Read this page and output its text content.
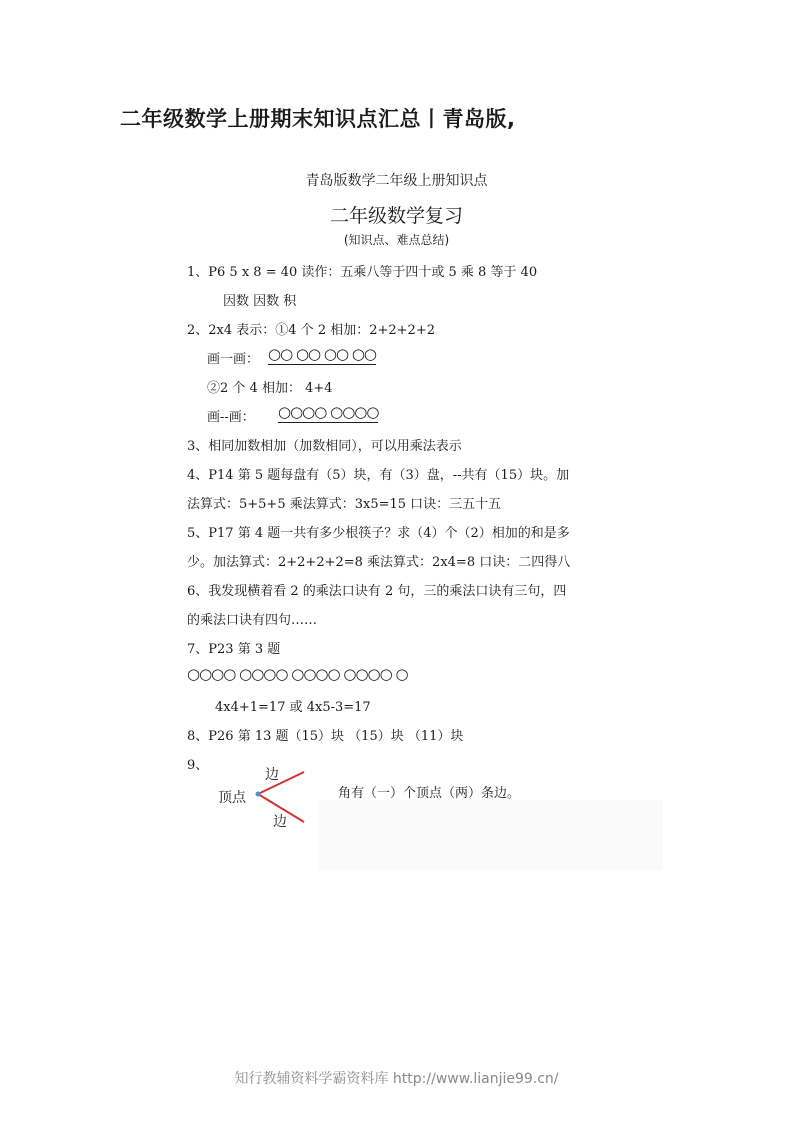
二年级数学上册期末知识点汇总丨青岛版,
青岛版数学二年级上册知识点
二年级数学复习
(知识点、难点总结)
1、P6 5 x 8 = 40 读作：五乘八等于四十或 5 乘 8 等于 40
因数 因数 积
2、2x4 表示：①4 个 2 相加：2+2+2+2
画一画： ○○ ○○ ○○ ○○
②2 个 4 相加： 4+4
画--画： ○○○○ ○○○○
3、相同加数相加（加数相同），可以用乘法表示
4、P14 第 5 题每盘有（5）块，有（3）盘，--共有（15）块。加
法算式：5+5+5 乘法算式：3x5=15 口诀：三五十五
5、P17 第 4 题一共有多少根筷子？求（4）个（2）相加的和是多
少。加法算式：2+2+2+2=8 乘法算式：2x4=8 口诀：二四得八
6、我发现横着看 2 的乘法口诀有 2 句，三的乘法口诀有三句，四
的乘法口诀有四句……
7、P23 第 3 题
○○○○ ○○○○ ○○○○ ○○○○ ○
4x4+1=17 或 4x5-3=17
8、P26 第 13 题（15）块 （15）块 （11）块
9、
顶点
边
边
角有（一）个顶点（两）条边。
知行教辅资料学霸资料库 http://www.lianjie99.cn/
